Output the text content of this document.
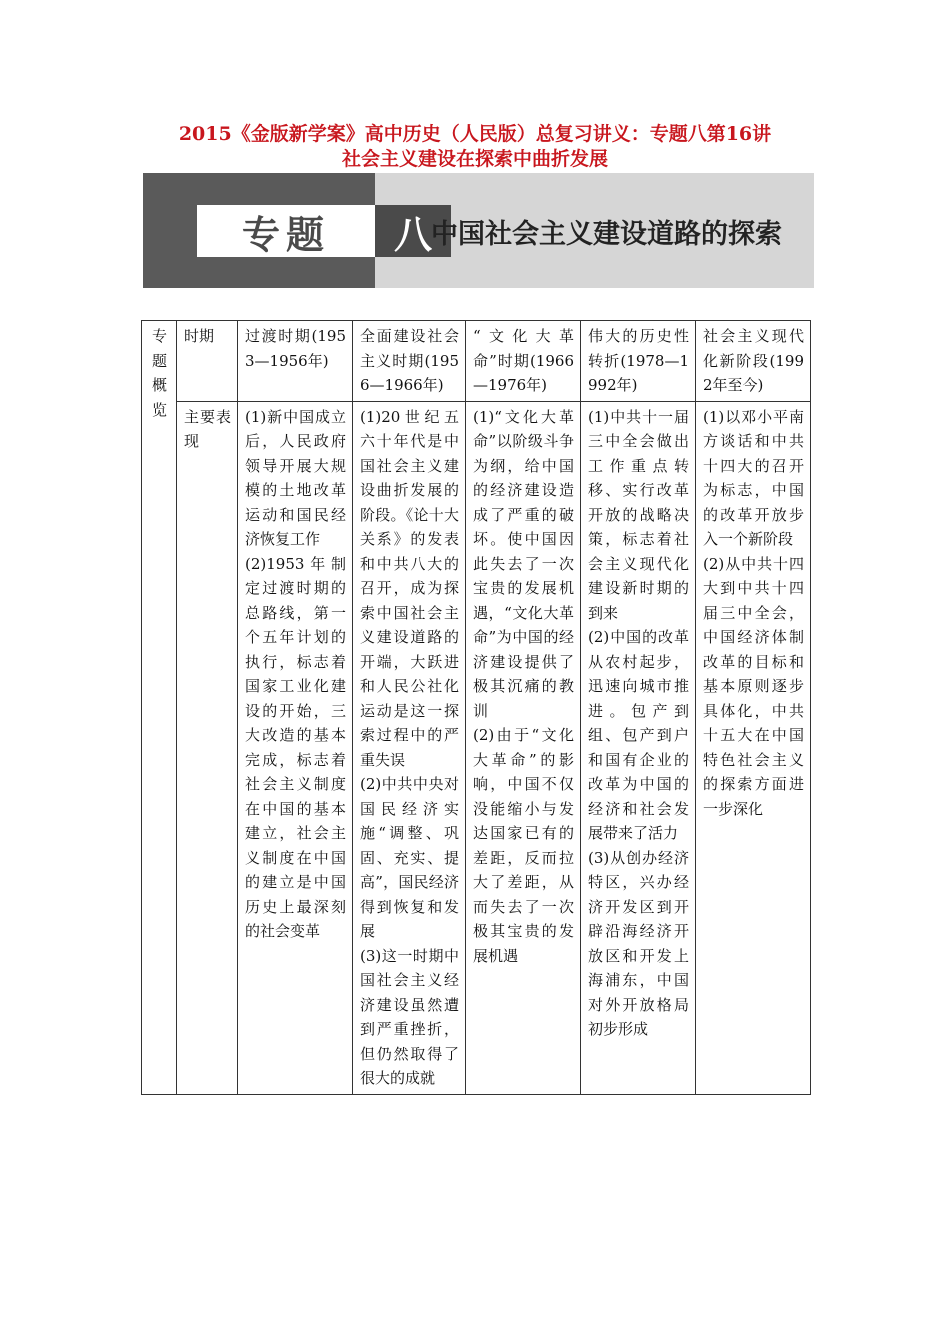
2015《金版新学案》高中历史（人民版）总复习讲义：专题八第16讲
社会主义建设在探索中曲折发展
专题	八 中国社会主义建设道路的探索
专题概览	时期	过渡时期(1953—1956年)	全面建设社会主义时期(1956—1966年)	“文化大革命”时期(1966—1976年)	伟大的历史性转折(1978—1992年)	社会主义现代化新阶段(1992年至今)
	主要表现	(1)新中国成立后，人民政府领导开展大规模的土地改革运动和国民经济恢复工作
(2)1953年制定过渡时期的总路线，第一个五年计划的执行，标志着国家工业化建设的开始，三大改造的基本完成，标志着社会主义制度在中国的基本建立，社会主义制度在中国的建立是中国历史上最深刻的社会变革	(1)20世纪五六十年代是中国社会主义建设曲折发展的阶段。《论十大关系》的发表和中共八大的召开，成为探索中国社会主义建设道路的开端，大跃进和人民公社化运动是这一探索过程中的严重失误
(2)中共中央对国民经济实施“调整、巩固、充实、提高”，国民经济得到恢复和发展
(3)这一时期中国社会主义经济建设虽然遭到严重挫折，但仍然取得了很大的成就	(1)“文化大革命”以阶级斗争为纲，给中国的经济建设造成了严重的破坏。使中国因此失去了一次宝贵的发展机遇，“文化大革命”为中国的经济建设提供了极其沉痛的教训
(2)由于“文化大革命”的影响，中国不仅没能缩小与发达国家已有的差距，反而拉大了差距，从而失去了一次极其宝贵的发展机遇	(1)中共十一届三中全会做出工作重点转移、实行改革开放的战略决策，标志着社会主义现代化建设新时期的到来
(2)中国的改革从农村起步，迅速向城市推进。包产到组、包产到户和国有企业的改革为中国的经济和社会发展带来了活力
(3)从创办经济特区，兴办经济开发区到开辟沿海经济开放区和开发上海浦东，中国对外开放格局初步形成	(1)以邓小平南方谈话和中共十四大的召开为标志，中国的改革开放步入一个新阶段
(2)从中共十四大到中共十四届三中全会，中国经济体制改革的目标和基本原则逐步具体化，中共十五大在中国特色社会主义的探索方面进一步深化
